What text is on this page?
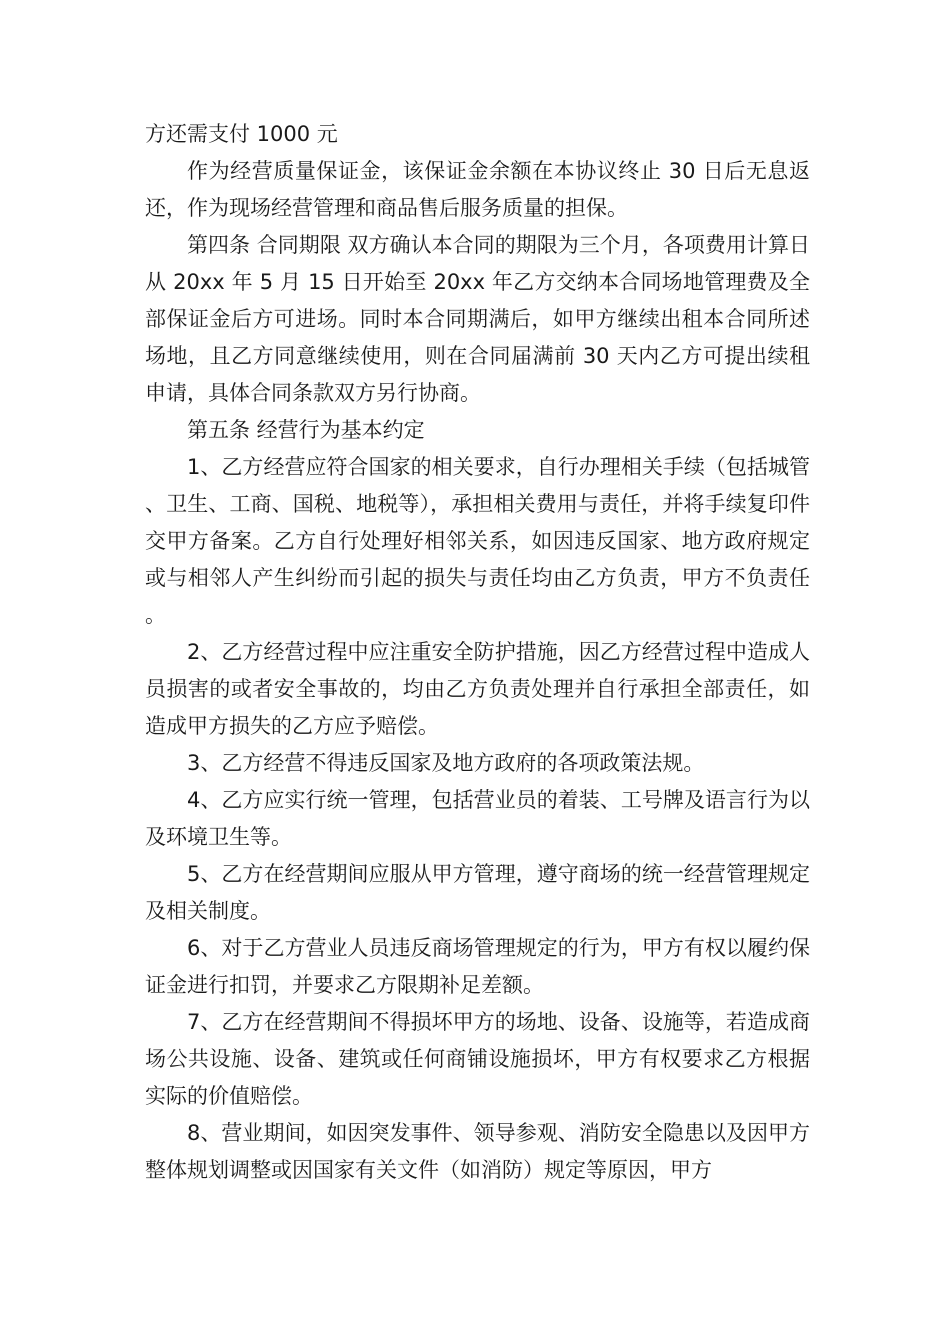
方还需支付 1000 元

作为经营质量保证金，该保证金余额在本协议终止 30 日后无息返还，作为现场经营管理和商品售后服务质量的担保。

第四条 合同期限 双方确认本合同的期限为三个月，各项费用计算日从 20xx 年 5 月 15 日开始至 20xx 年乙方交纳本合同场地管理费及全部保证金后方可进场。同时本合同期满后，如甲方继续出租本合同所述场地，且乙方同意继续使用，则在合同届满前 30 天内乙方可提出续租申请，具体合同条款双方另行协商。

第五条 经营行为基本约定

1、乙方经营应符合国家的相关要求，自行办理相关手续（包括城管、卫生、工商、国税、地税等），承担相关费用与责任，并将手续复印件交甲方备案。乙方自行处理好相邻关系，如因违反国家、地方政府规定或与相邻人产生纠纷而引起的损失与责任均由乙方负责，甲方不负责任。

2、乙方经营过程中应注重安全防护措施，因乙方经营过程中造成人员损害的或者安全事故的，均由乙方负责处理并自行承担全部责任，如造成甲方损失的乙方应予赔偿。

3、乙方经营不得违反国家及地方政府的各项政策法规。

4、乙方应实行统一管理，包括营业员的着装、工号牌及语言行为以及环境卫生等。

5、乙方在经营期间应服从甲方管理，遵守商场的统一经营管理规定及相关制度。

6、对于乙方营业人员违反商场管理规定的行为，甲方有权以履约保证金进行扣罚，并要求乙方限期补足差额。

7、乙方在经营期间不得损坏甲方的场地、设备、设施等，若造成商场公共设施、设备、建筑或任何商铺设施损坏，甲方有权要求乙方根据实际的价值赔偿。

8、营业期间，如因突发事件、领导参观、消防安全隐患以及因甲方整体规划调整或因国家有关文件（如消防）规定等原因，甲方
